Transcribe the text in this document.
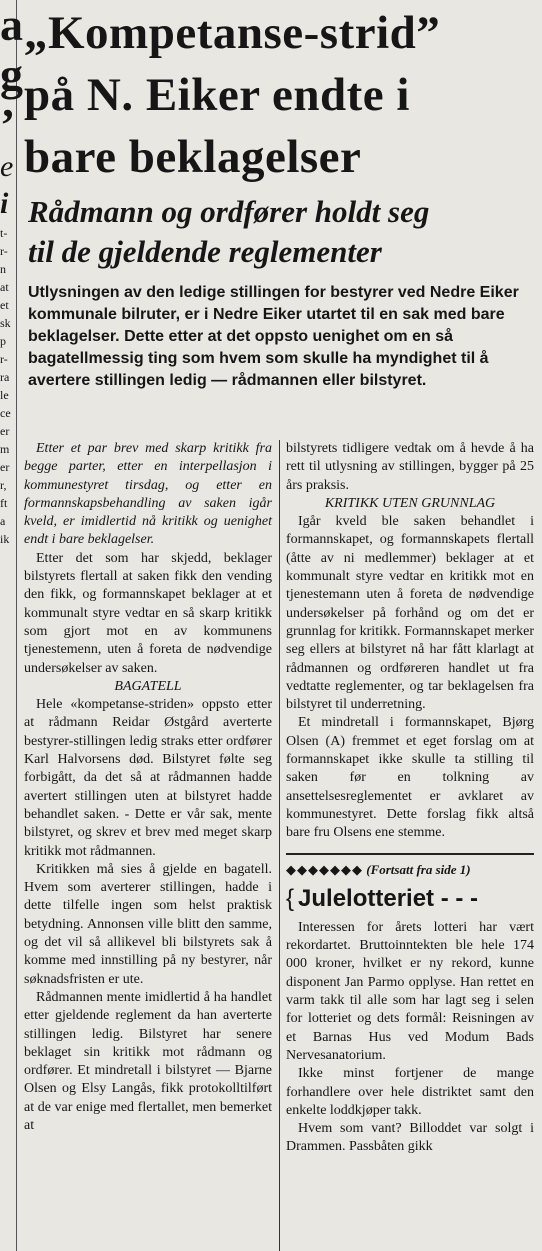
a
g
’
e
i
t-
r-
n
at
et
sk
p
r-
ra
le
ce
er
m
er
r,
ft
a
ik
„Kompetanse-strid”
på N. Eiker endte i
bare beklagelser
Rådmann og ordfører holdt seg
til de gjeldende reglementer
Utlysningen av den ledige stillingen for bestyrer ved Nedre Eiker kommunale bilruter, er i Nedre Eiker utartet til en sak med bare beklagelser. Dette etter at det oppsto uenighet om en så bagatellmessig ting som hvem som skulle ha myndighet til å avertere stillingen ledig — rådmannen eller bilstyret.

Etter et par brev med skarp kritikk fra begge parter, etter en interpellasjon i kommunestyret tirsdag, og etter en formannskapsbehandling av saken igår kveld, er imidlertid nå kritikk og uenighet endt i bare beklagelser.

Etter det som har skjedd, beklager bilstyrets flertall at saken fikk den vending den fikk, og formannskapet beklager at et kommunalt styre vedtar en så skarp kritikk som gjort mot en av kommunens tjenestemenn, uten å foreta de nødvendige undersøkelser av saken.

BAGATELL

Hele «kompetanse-striden» oppsto etter at rådmann Reidar Østgård averterte bestyrer-stillingen ledig straks etter ordfører Karl Halvorsens død. Bilstyret følte seg forbigått, da det så at rådmannen hadde avertert stillingen uten at bilstyret hadde behandlet saken. - Dette er vår sak, mente bilstyret, og skrev et brev med meget skarp kritikk mot rådmannen.

Kritikken må sies å gjelde en bagatell. Hvem som averterer stillingen, hadde i dette tilfelle ingen som helst praktisk betydning. Annonsen ville blitt den samme, og det vil så allikevel bli bilstyrets sak å komme med innstilling på ny bestyrer, når søknadsfristen er ute.

Rådmannen mente imidlertid å ha handlet etter gjeldende reglement da han averterte stillingen ledig. Bilstyret har senere beklaget sin kritikk mot rådmann og ordfører. Et mindretall i bilstyret — Bjarne Olsen og Elsy Langås, fikk protokolltilført at de var enige med flertallet, men bemerket at

bilstyrets tidligere vedtak om å hevde å ha rett til utlysning av stillingen, bygger på 25 års praksis.

KRITIKK UTEN GRUNNLAG

Igår kveld ble saken behandlet i formannskapet, og formannskapets flertall (åtte av ni medlemmer) beklager at et kommunalt styre vedtar en kritikk mot en tjenestemann uten å foreta de nødvendige undersøkelser på forhånd og om det er grunnlag for kritikk. Formannskapet merker seg ellers at bilstyret nå har fått klarlagt at rådmannen og ordføreren handlet ut fra vedtatte reglementer, og tar beklagelsen fra bilstyret til underretning.

Et mindretall i formannskapet, Bjørg Olsen (A) fremmet et eget forslag om at formannskapet ikke skulle ta stilling til saken før en tolkning av ansettelsesreglementet er avklaret av kommunestyret. Dette forslag fikk altså bare fru Olsens ene stemme.

◆◆◆◆◆◆◆ (Fortsatt fra side 1)
{ Julelotteriet - - -

Interessen for årets lotteri har vært rekordartet. Bruttoinntekten ble hele 174 000 kroner, hvilket er ny rekord, kunne disponent Jan Parmo opplyse. Han rettet en varm takk til alle som har lagt seg i selen for lotteriet og dets formål: Reisningen av et Barnas Hus ved Modum Bads Nervesanatorium.

Ikke minst fortjener de mange forhandlere over hele distriktet samt den enkelte loddkjøper takk.

Hvem som vant? Billoddet var solgt i Drammen. Passbåten gikk
